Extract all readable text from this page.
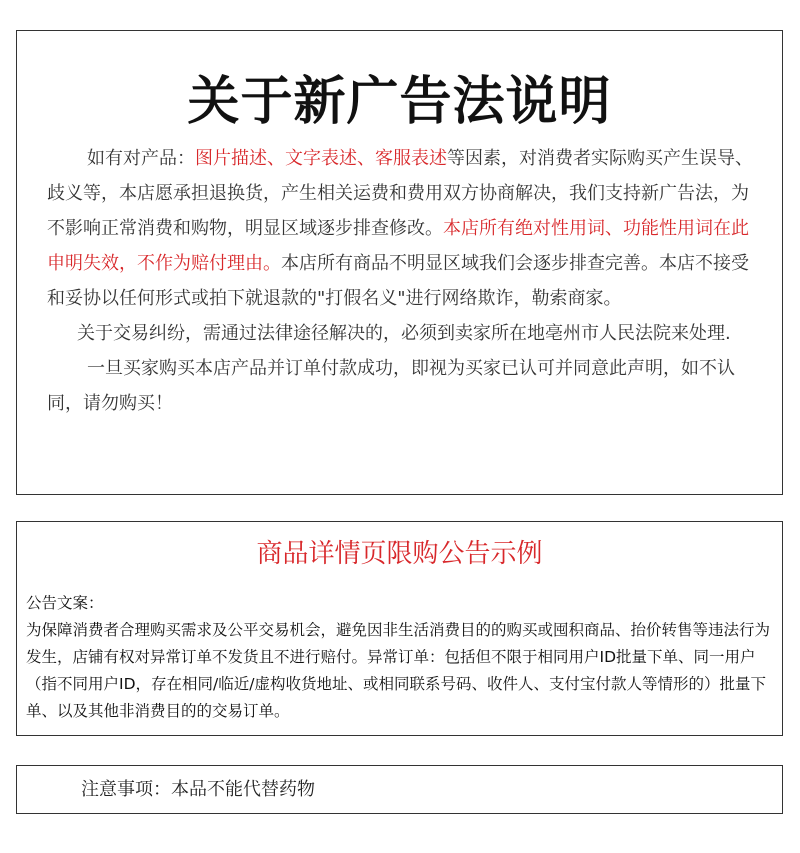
关于新广告法说明

如有对产品：图片描述、文字表述、客服表述等因素，对消费者实际购买产生误导、歧义等，本店愿承担退换货，产生相关运费和费用双方协商解决，我们支持新广告法，为不影响正常消费和购物，明显区域逐步排查修改。本店所有绝对性用词、功能性用词在此申明失效，不作为赔付理由。本店所有商品不明显区域我们会逐步排查完善。本店不接受和妥协以任何形式或拍下就退款的"打假名义"进行网络欺诈，勒索商家。

关于交易纠纷，需通过法律途径解决的，必须到卖家所在地亳州市人民法院来处理.

一旦买家购买本店产品并订单付款成功，即视为买家已认可并同意此声明，如不认同，请勿购买！

商品详情页限购公告示例

公告文案：

为保障消费者合理购买需求及公平交易机会，避免因非生活消费目的的购买或囤积商品、抬价转售等违法行为发生，店铺有权对异常订单不发货且不进行赔付。异常订单：包括但不限于相同用户ID批量下单、同一用户（指不同用户ID，存在相同/临近/虚构收货地址、或相同联系号码、收件人、支付宝付款人等情形的）批量下单、以及其他非消费目的的交易订单。

注意事项：本品不能代替药物
